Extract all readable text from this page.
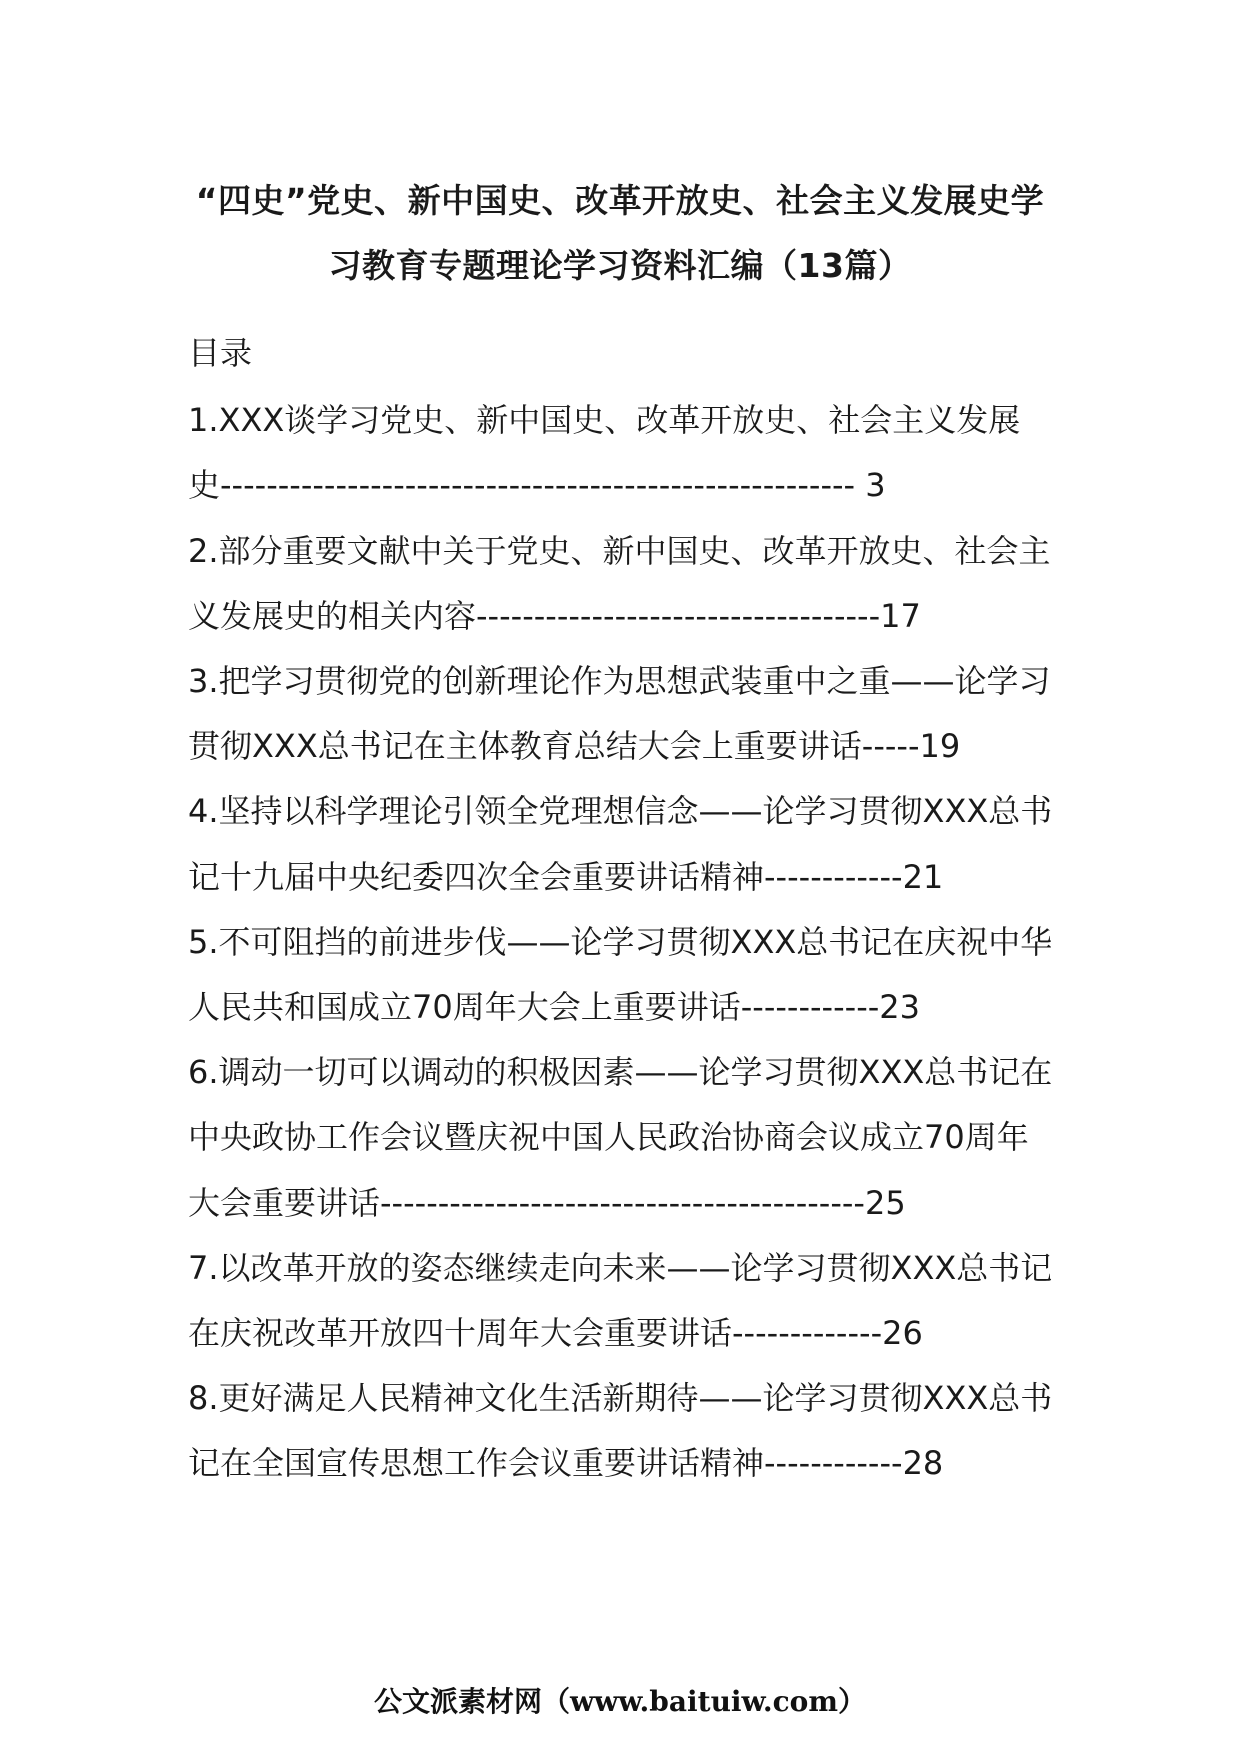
“四史”党史、新中国史、改革开放史、社会主义发展史学
习教育专题理论学习资料汇编（13篇）
目录
1.XXX谈学习党史、新中国史、改革开放史、社会主义发展史------------------------------------------------------- 3
2.部分重要文献中关于党史、新中国史、改革开放史、社会主义发展史的相关内容-----------------------------------17
3.把学习贯彻党的创新理论作为思想武装重中之重——论学习贯彻XXX总书记在主体教育总结大会上重要讲话-----19
4.坚持以科学理论引领全党理想信念——论学习贯彻XXX总书记十九届中央纪委四次全会重要讲话精神------------21
5.不可阻挡的前进步伐——论学习贯彻XXX总书记在庆祝中华人民共和国成立70周年大会上重要讲话------------23
6.调动一切可以调动的积极因素——论学习贯彻XXX总书记在中央政协工作会议暨庆祝中国人民政治协商会议成立70周年大会重要讲话------------------------------------------25
7.以改革开放的姿态继续走向未来——论学习贯彻XXX总书记在庆祝改革开放四十周年大会重要讲话-------------26
8.更好满足人民精神文化生活新期待——论学习贯彻XXX总书记在全国宣传思想工作会议重要讲话精神------------28
公文派素材网（www.baituiw.com）
